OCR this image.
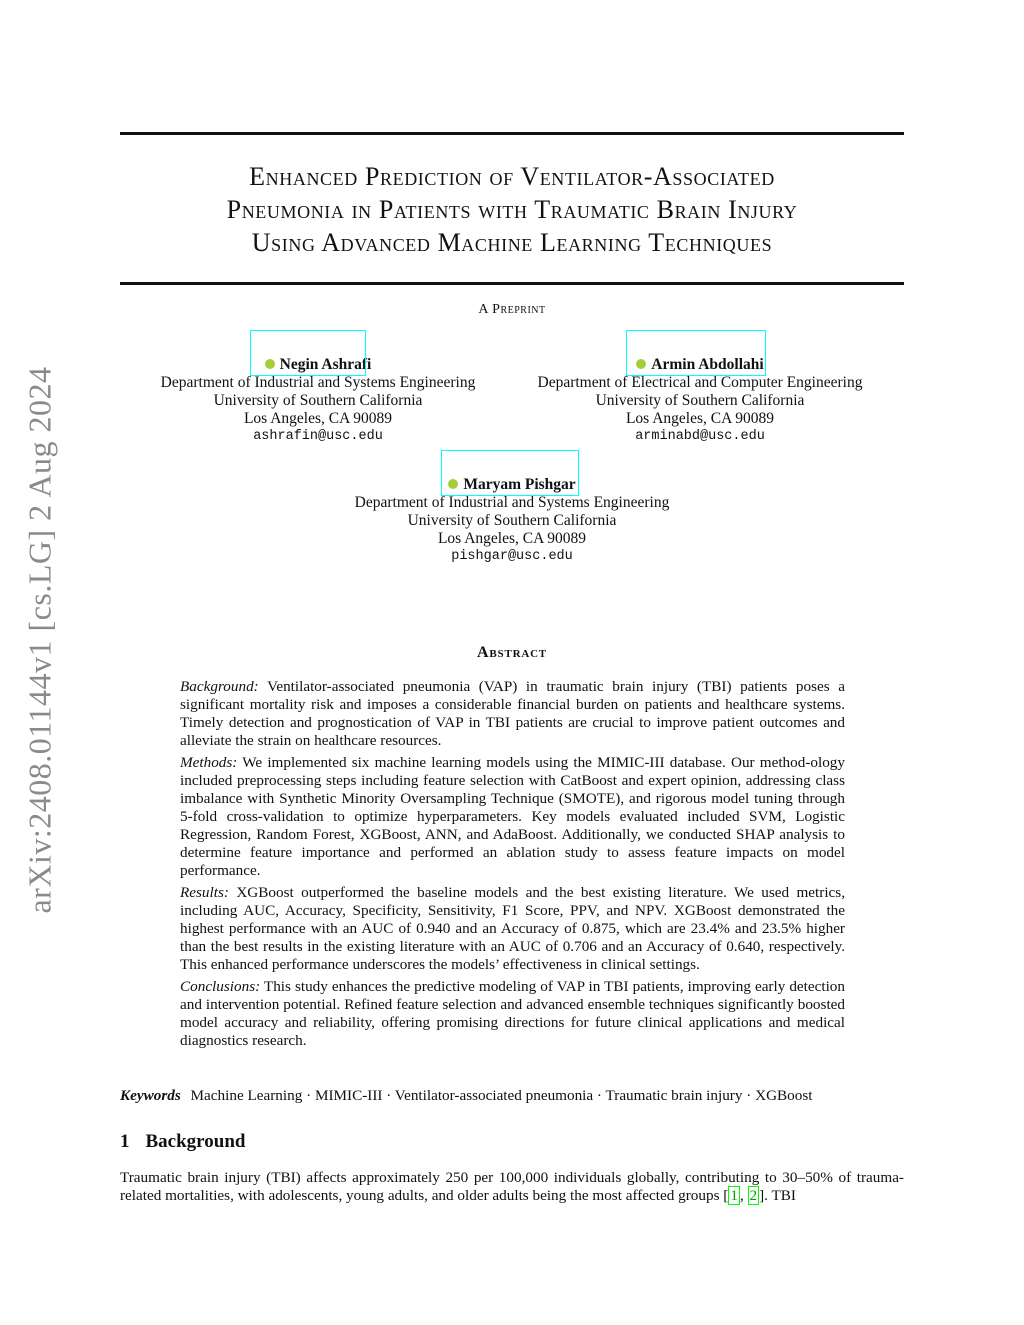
arXiv:2408.01144v1 [cs.LG] 2 Aug 2024
Enhanced Prediction of Ventilator-Associated
Pneumonia in Patients with Traumatic Brain Injury
Using Advanced Machine Learning Techniques
A Preprint
Negin Ashrafi
Department of Industrial and Systems Engineering
University of Southern California
Los Angeles, CA 90089
ashrafin@usc.edu
Armin Abdollahi
Department of Electrical and Computer Engineering
University of Southern California
Los Angeles, CA 90089
arminabd@usc.edu
Maryam Pishgar
Department of Industrial and Systems Engineering
University of Southern California
Los Angeles, CA 90089
pishgar@usc.edu
Abstract

Background: Ventilator-associated pneumonia (VAP) in traumatic brain injury (TBI) patients poses a significant mortality risk and imposes a considerable financial burden on patients and healthcare systems. Timely detection and prognostication of VAP in TBI patients are crucial to improve patient outcomes and alleviate the strain on healthcare resources.

Methods: We implemented six machine learning models using the MIMIC-III database. Our method-ology included preprocessing steps including feature selection with CatBoost and expert opinion, addressing class imbalance with Synthetic Minority Oversampling Technique (SMOTE), and rigorous model tuning through 5-fold cross-validation to optimize hyperparameters. Key models evaluated included SVM, Logistic Regression, Random Forest, XGBoost, ANN, and AdaBoost. Additionally, we conducted SHAP analysis to determine feature importance and performed an ablation study to assess feature impacts on model performance.

Results: XGBoost outperformed the baseline models and the best existing literature. We used metrics, including AUC, Accuracy, Specificity, Sensitivity, F1 Score, PPV, and NPV. XGBoost demonstrated the highest performance with an AUC of 0.940 and an Accuracy of 0.875, which are 23.4% and 23.5% higher than the best results in the existing literature with an AUC of 0.706 and an Accuracy of 0.640, respectively. This enhanced performance underscores the models’ effectiveness in clinical settings.

Conclusions: This study enhances the predictive modeling of VAP in TBI patients, improving early detection and intervention potential. Refined feature selection and advanced ensemble techniques significantly boosted model accuracy and reliability, offering promising directions for future clinical applications and medical diagnostics research.

Keywords Machine Learning · MIMIC-III · Ventilator-associated pneumonia · Traumatic brain injury · XGBoost
1 Background
Traumatic brain injury (TBI) affects approximately 250 per 100,000 individuals globally, contributing to 30–50% of trauma-related mortalities, with adolescents, young adults, and older adults being the most affected groups [ 1 , 2 ]. TBI
